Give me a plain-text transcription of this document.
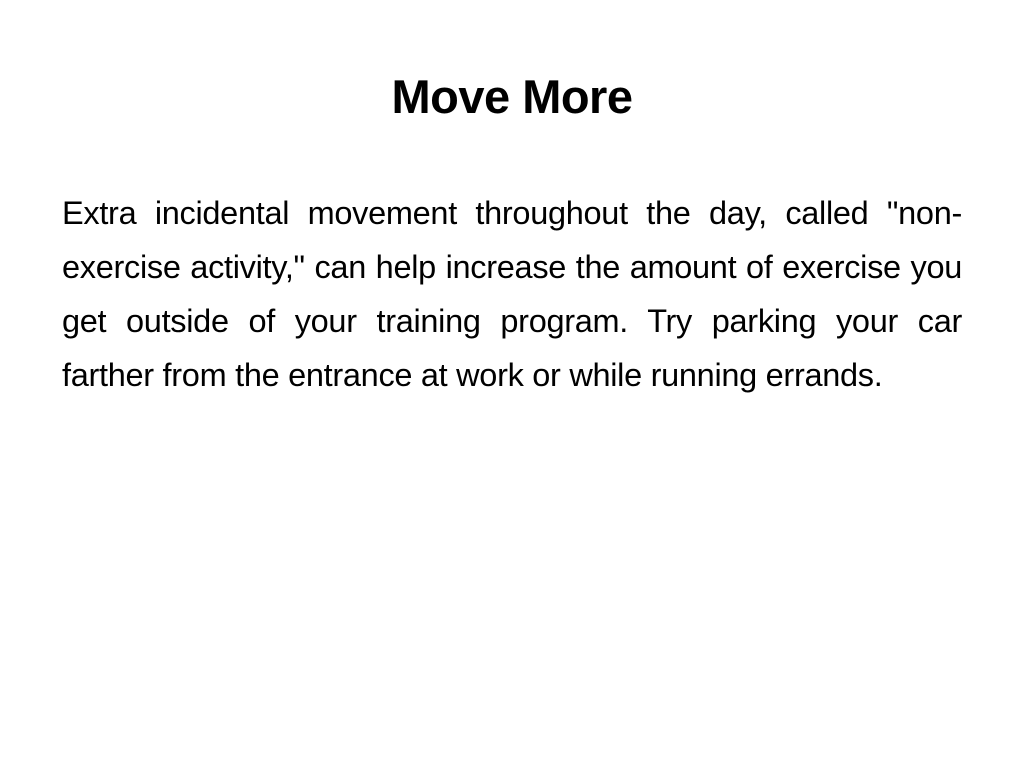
Move More

Extra incidental movement throughout the day, called "non-exercise activity," can help increase the amount of exercise you get outside of your training program. Try parking your car farther from the entrance at work or while running errands.
